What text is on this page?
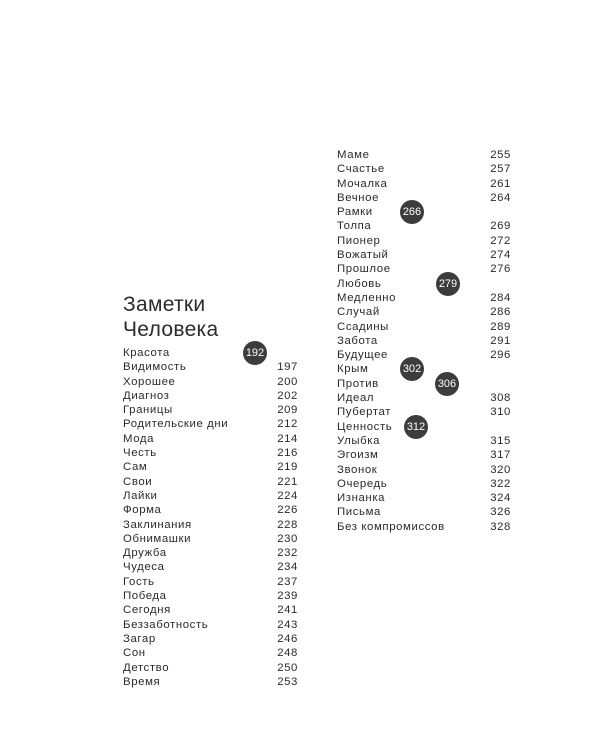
Заметки
Человека
Красота	192
Видимость	197
Хорошее	200
Диагноз	202
Границы	209
Родительские дни	212
Мода	214
Честь	216
Сам	219
Свои	221
Лайки	224
Форма	226
Заклинания	228
Обнимашки	230
Дружба	232
Чудеса	234
Гость	237
Победа	239
Сегодня	241
Беззаботность	243
Загар	246
Сон	248
Детство	250
Время	253
Маме	255
Счастье	257
Мочалка	261
Вечное	264
Рамки	266
Толпа	269
Пионер	272
Вожатый	274
Прошлое	276
Любовь	279
Медленно	284
Случай	286
Ссадины	289
Забота	291
Будущее	296
Крым	302
Против	306
Идеал	308
Пубертат	310
Ценность 312
Улыбка	315
Эгоизм	317
Звонок	320
Очередь	322
Изнанка	324
Письма	326
Без компромиссов	328
